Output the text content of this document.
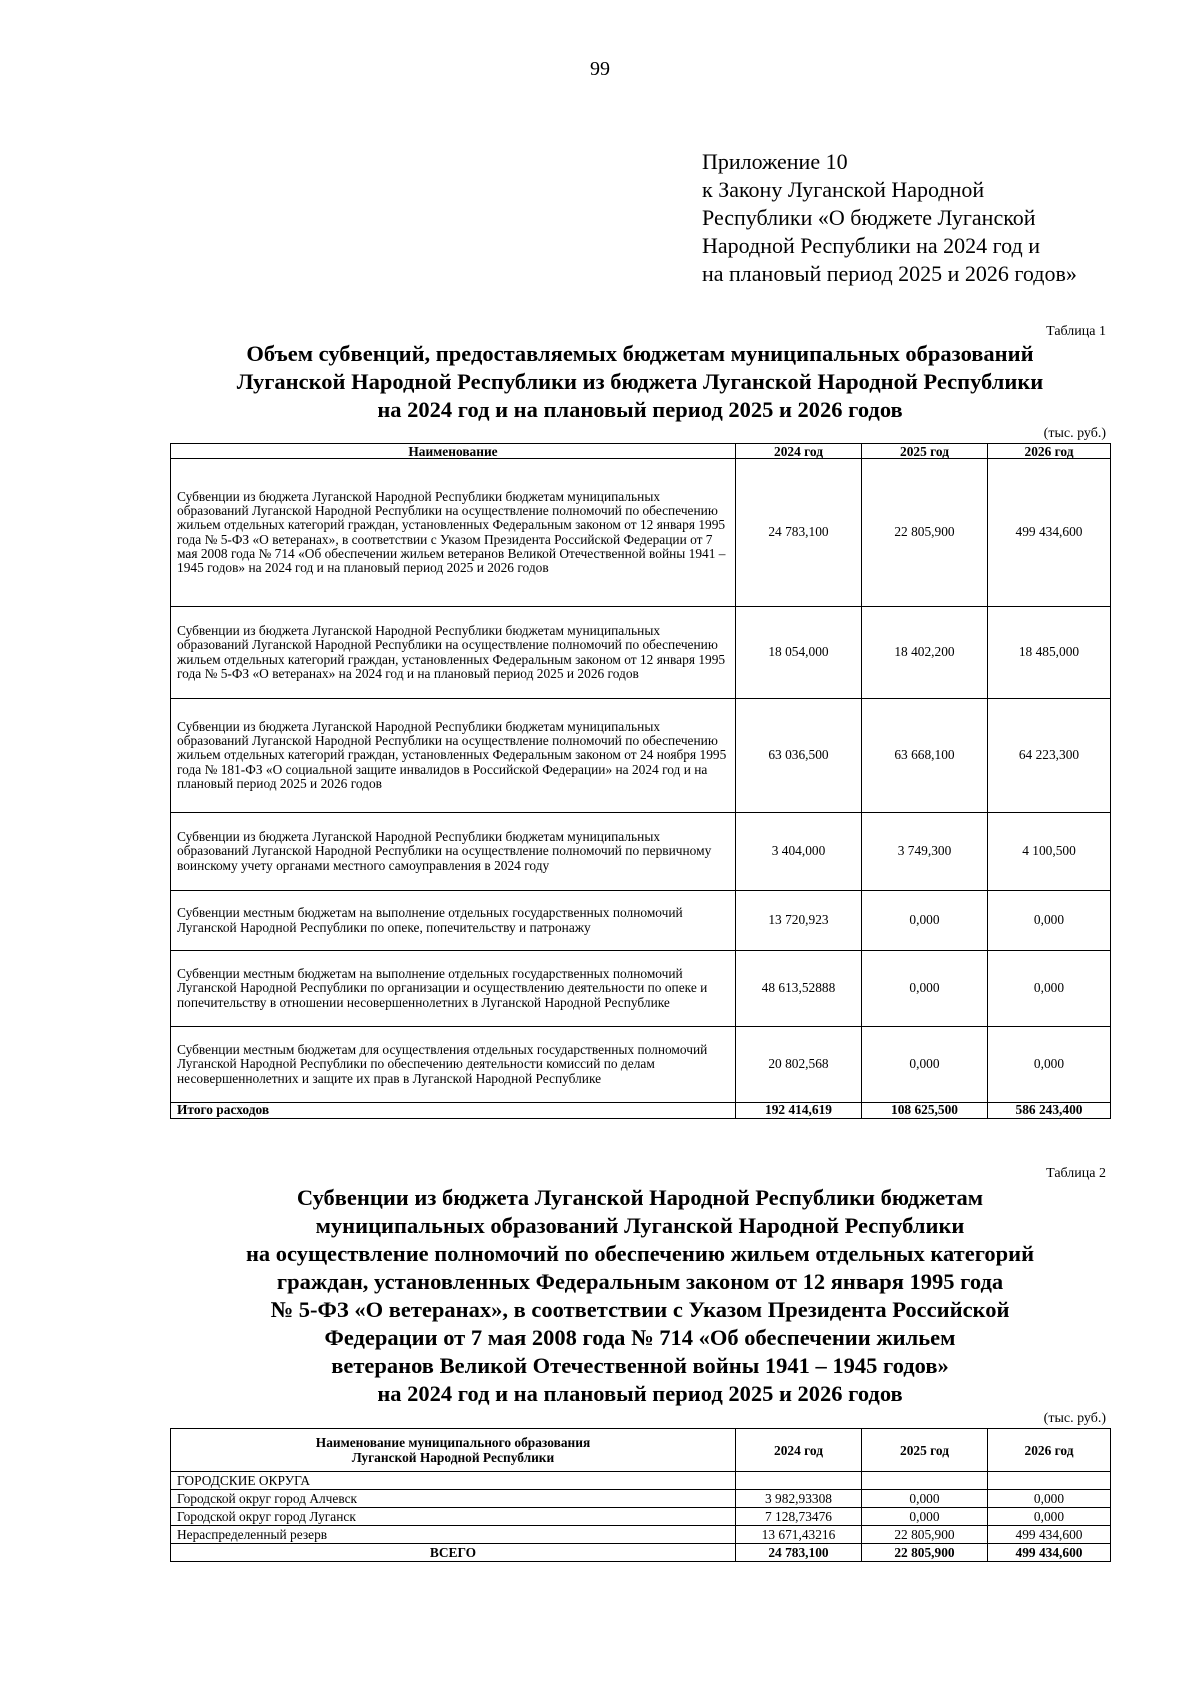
99
Приложение 10
к Закону Луганской Народной
Республики «О бюджете Луганской
Народной Республики на 2024 год и
на плановый период 2025 и 2026 годов»
Таблица 1
Объем субвенций, предоставляемых бюджетам муниципальных образований
Луганской Народной Республики из бюджета Луганской Народной Республики
на 2024 год и на плановый период 2025 и 2026 годов
(тыс. руб.)
Наименование	2024 год	2025 год	2026 год
Субвенции из бюджета Луганской Народной Республики бюджетам муниципальных образований Луганской Народной Республики на осуществление полномочий по обеспечению жильем отдельных категорий граждан, установленных Федеральным законом от 12 января 1995 года № 5-ФЗ «О ветеранах», в соответствии с Указом Президента Российской Федерации от 7 мая 2008 года № 714 «Об обеспечении жильем ветеранов Великой Отечественной войны 1941 – 1945 годов» на 2024 год и на плановый период 2025 и 2026 годов	24 783,100	22 805,900	499 434,600
Субвенции из бюджета Луганской Народной Республики бюджетам муниципальных образований Луганской Народной Республики на осуществление полномочий по обеспечению жильем отдельных категорий граждан, установленных Федеральным законом от 12 января 1995 года № 5-ФЗ «О ветеранах» на 2024 год и на плановый период 2025 и 2026 годов	18 054,000	18 402,200	18 485,000
Субвенции из бюджета Луганской Народной Республики бюджетам муниципальных образований Луганской Народной Республики на осуществление полномочий по обеспечению жильем отдельных категорий граждан, установленных Федеральным законом от 24 ноября 1995 года № 181-ФЗ «О социальной защите инвалидов в Российской Федерации» на 2024 год и на плановый период 2025 и 2026 годов	63 036,500	63 668,100	64 223,300
Субвенции из бюджета Луганской Народной Республики бюджетам муниципальных образований Луганской Народной Республики на осуществление полномочий по первичному воинскому учету органами местного самоуправления в 2024 году	3 404,000	3 749,300	4 100,500
Субвенции местным бюджетам на выполнение отдельных государственных полномочий Луганской Народной Республики по опеке, попечительству и патронажу	13 720,923	0,000	0,000
Субвенции местным бюджетам на выполнение отдельных государственных полномочий Луганской Народной Республики по организации и осуществлению деятельности по опеке и попечительству в отношении несовершеннолетних в Луганской Народной Республике	48 613,52888	0,000	0,000
Субвенции местным бюджетам для осуществления отдельных государственных полномочий Луганской Народной Республики по обеспечению деятельности комиссий по делам несовершеннолетних и защите их прав в Луганской Народной Республике	20 802,568	0,000	0,000
Итого расходов	192 414,619	108 625,500	586 243,400
Таблица 2
Субвенции из бюджета Луганской Народной Республики бюджетам
муниципальных образований Луганской Народной Республики
на осуществление полномочий по обеспечению жильем отдельных категорий
граждан, установленных Федеральным законом от 12 января 1995 года
№ 5-ФЗ «О ветеранах», в соответствии с Указом Президента Российской
Федерации от 7 мая 2008 года № 714 «Об обеспечении жильем
ветеранов Великой Отечественной войны 1941 – 1945 годов»
на 2024 год и на плановый период 2025 и 2026 годов
(тыс. руб.)
Наименование муниципального образования
Луганской Народной Республики	2024 год	2025 год	2026 год
ГОРОДСКИЕ ОКРУГА			
Городской округ город Алчевск	3 982,93308	0,000	0,000
Городской округ город Луганск	7 128,73476	0,000	0,000
Нераспределенный резерв	13 671,43216	22 805,900	499 434,600
ВСЕГО	24 783,100	22 805,900	499 434,600
